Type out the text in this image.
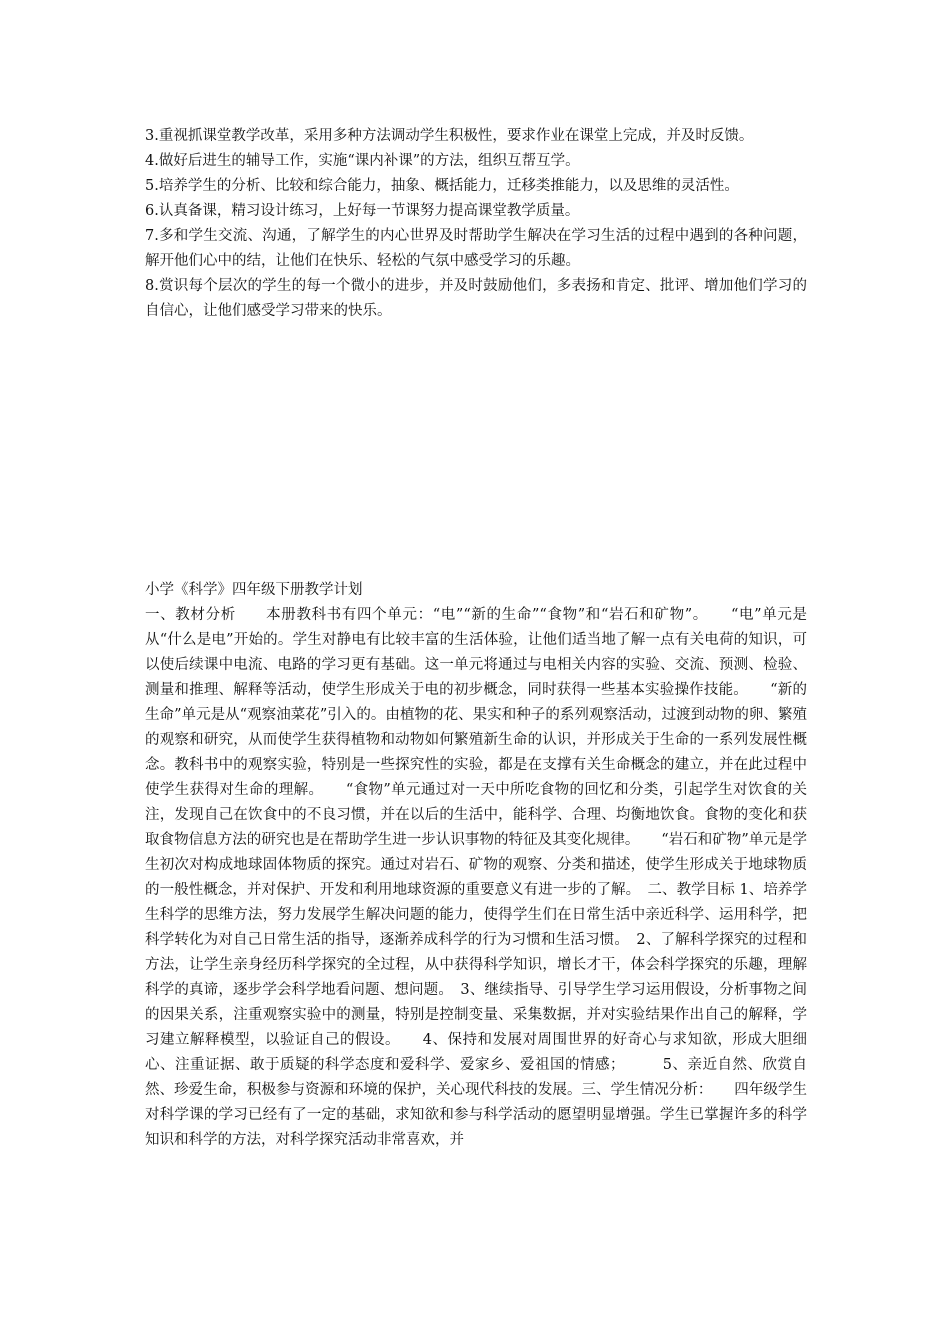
3.重视抓课堂教学改革，采用多种方法调动学生积极性，要求作业在课堂上完成，并及时反馈。

4.做好后进生的辅导工作，实施“课内补课”的方法，组织互帮互学。

5.培养学生的分析、比较和综合能力，抽象、概括能力，迁移类推能力，以及思维的灵活性。

6.认真备课，精习设计练习，上好每一节课努力提高课堂教学质量。

7.多和学生交流、沟通，了解学生的内心世界及时帮助学生解决在学习生活的过程中遇到的各种问题，解开他们心中的结，让他们在快乐、轻松的气氛中感受学习的乐趣。

8.赏识每个层次的学生的每一个微小的进步，并及时鼓励他们，多表扬和肯定、批评、增加他们学习的自信心，让他们感受学习带来的快乐。

小学《科学》四年级下册教学计划

一、教材分析　　本册教科书有四个单元：“电”“新的生命”“食物”和“岩石和矿物”。　　“电”单元是从“什么是电”开始的。学生对静电有比较丰富的生活体验，让他们适当地了解一点有关电荷的知识，可以使后续课中电流、电路的学习更有基础。这一单元将通过与电相关内容的实验、交流、预测、检验、测量和推理、解释等活动，使学生形成关于电的初步概念，同时获得一些基本实验操作技能。　　“新的生命”单元是从“观察油菜花”引入的。由植物的花、果实和种子的系列观察活动，过渡到动物的卵、繁殖的观察和研究，从而使学生获得植物和动物如何繁殖新生命的认识，并形成关于生命的一系列发展性概念。教科书中的观察实验，特别是一些探究性的实验，都是在支撑有关生命概念的建立，并在此过程中使学生获得对生命的理解。　　“食物”单元通过对一天中所吃食物的回忆和分类，引起学生对饮食的关注，发现自己在饮食中的不良习惯，并在以后的生活中，能科学、合理、均衡地饮食。食物的变化和获取食物信息方法的研究也是在帮助学生进一步认识事物的特征及其变化规律。　　“岩石和矿物”单元是学生初次对构成地球固体物质的探究。通过对岩石、矿物的观察、分类和描述，使学生形成关于地球物质的一般性概念，并对保护、开发和利用地球资源的重要意义有进一步的了解。　二、教学目标 1、培养学生科学的思维方法，努力发展学生解决问题的能力，使得学生们在日常生活中亲近科学、运用科学，把科学转化为对自己日常生活的指导，逐渐养成科学的行为习惯和生活习惯。　2、了解科学探究的过程和方法，让学生亲身经历科学探究的全过程，从中获得科学知识，增长才干，体会科学探究的乐趣，理解科学的真谛，逐步学会科学地看问题、想问题。　3、继续指导、引导学生学习运用假设，分析事物之间的因果关系，注重观察实验中的测量，特别是控制变量、采集数据，并对实验结果作出自己的解释，学习建立解释模型，以验证自己的假设。　　4、保持和发展对周围世界的好奇心与求知欲，形成大胆细心、注重证据、敢于质疑的科学态度和爱科学、爱家乡、爱祖国的情感；　　　5、亲近自然、欣赏自然、珍爱生命，积极参与资源和环境的保护，关心现代科技的发展。三、学生情况分析：　　四年级学生对科学课的学习已经有了一定的基础，求知欲和参与科学活动的愿望明显增强。学生已掌握许多的科学知识和科学的方法，对科学探究活动非常喜欢，并
